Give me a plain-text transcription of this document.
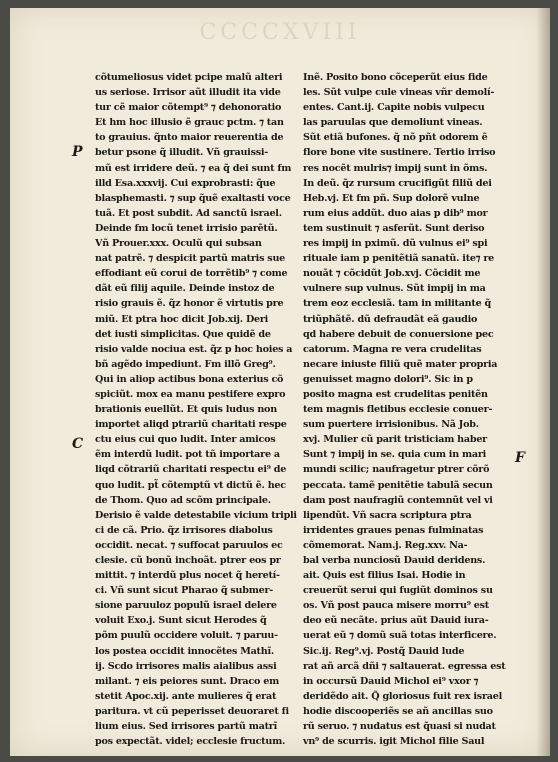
CCCCXVIII
P
C
F
cõtumeliosus videt pcipe malũ alteri
us seriose. Irrisor aũt illudit ita vide
tur cẽ maior cõtempt⁹ ⁊ dehonoratio
Et hm hoc illusio ẽ grauc pctm. ⁊ tan
to grauius. q̃nto maior reuerentia de
betur psone q̃ illudit. Vñ grauissi-
mũ est irridere deũ. ⁊ ea q̃ dei sunt fm
illd Esa.xxxvij. Cui exprobrasti: q̃ue
blasphemasti. ⁊ sup q̃uẽ exaltasti voce
tuã. Et post subdit. Ad sanctũ israel.
Deinde fm locũ tenet irrisio parẽtũ.
Vñ Prouer.xxx. Oculũ qui subsan
nat patrẽ. ⁊ despicit partũ matris sue
effodiant eũ corui de torrẽtib⁹ ⁊ come
dãt eũ filij aquile. Deinde instoz de
risio grauis ẽ. q̃z honor ẽ virtutis pre
miũ. Et ptra hoc dicit Job.xij. Deri
det iusti simplicitas. Que quidẽ de
risio valde nociua est. q̃z p hoc hoies a
bñ agẽdo impediunt. Fm illõ Greg⁹.
Qui in aliop actibus bona exterius cõ
spiciũt. mox ea manu pestifere expro
brationis euellũt. Et quis ludus non
importet aliqd ptrariũ charitati respe
ctu eius cui quo ludit. Inter amicos
ẽm interdũ ludit. pot tñ importare a
liqd cõtrariũ charitati respectu ei⁹ de
quo ludit. pt̃ cõtemptũ vt dictũ ẽ. hec
de Thom. Quo ad scõm principale.
Derisio ẽ valde detestabile vicium tripli
ci de cã. Prio. q̃z irrisores diabolus
occidit. necat. ⁊ suffocat paruulos ec
clesie. cũ bonũ inchoãt. ptrer eos pr
mittit. ⁊ interdũ plus nocet q̃ heretí-
ci. Vñ sunt sicut Pharao q̃ submer-
sione paruuloz populũ israel delere
voluit Exo.j. Sunt sicut Herodes q̃
põm puulũ occidere voluit. ⁊ paruu-
los postea occidit innocẽtes Mathĩ.
ij. Scdo irrisores malis aialibus assi
milant. ⁊ eis peiores sunt. Draco em
stetit Apoc.xij. ante mulieres q̃ erat
paritura. vt cũ peperisset deuoraret fi
lium eius. Sed irrisores partũ matrĩ
pos expectãt. videl; ecclesie fructum.
Inẽ. Posito bono cõceperũt eius fide
les. Sũt vulpe cule vineas vñr demolí-
entes. Cant.ij. Capite nobis vulpecu
las paruulas que demoliunt vineas.
Sũt etiã bufones. q̃ nõ pñt odorem ẽ
flore bone vite sustinere. Tertio irriso
res nocẽt mulris⁊ impij sunt in õms.
In deũ. q̃z rursum crucifigũt filiũ dei
Heb.vj. Et fm pñ. Sup dolorẽ vulne
rum eius addũt. duo aias p dib⁹ mor
tem sustinuit ⁊ asferũt. Sunt deriso
res impij in pximũ. dũ vulnus ei⁹ spi
rituale iam p penitẽtiã sanatũ. ite⁊ re
nouãt ⁊ cõcidũt Job.xvj. Cõcidit me
vulnere sup vulnus. Sũt impij in ma
trem eoz ecclesiã. tam in militante q̃
triũphãtẽ. dũ defraudãt eã gaudio
qd habere debuit de conuersione pec
catorum. Magna re vera crudelitas
necare iniuste filiũ quẽ mater propria
genuisset magno dolori⁹. Sic in p
posito magna est crudelitas penitẽn
tem magnis fletibus ecclesie conuer-
sum puertere irrisionibus. Nã Job.
xvj. Mulier cũ parit tristiciam haber
Sunt ⁊ impij in se. quia cum in mari
mundi scilic; naufragetur ptrer cõrõ
peccata. tamẽ penitẽtie tabulã secun
dam post naufragiũ contemnũt vel vi
lipendũt. Vñ sacra scriptura ptra
irridentes graues penas fulminatas
cõmemorat. Nam.j. Reg.xxv. Na-
bal verba nunciosũ Dauid deridens.
ait. Quis est filius Isai. Hodie in
creuerũt serui qui fugiũt dominos su
os. Vñ post pauca misere morru⁹ est
deo eũ necãte. prius aũt Dauid iura-
uerat eũ ⁊ domũ suã totas interficere.
Sic.ij. Reg⁹.vj. Postq̃ Dauid lude
rat añ arcã dñi ⁊ saltauerat. egressa est
in occursũ Dauid Michol ei⁹ vxor ⁊
deridẽdo ait. Q̃ gloriosus fuit rex israel
hodie discooperiẽs se añ ancillas suo
rũ seruo. ⁊ nudatus est q̃uasi si nudat
vn⁹ de scurris. igit Michol filie Saul
